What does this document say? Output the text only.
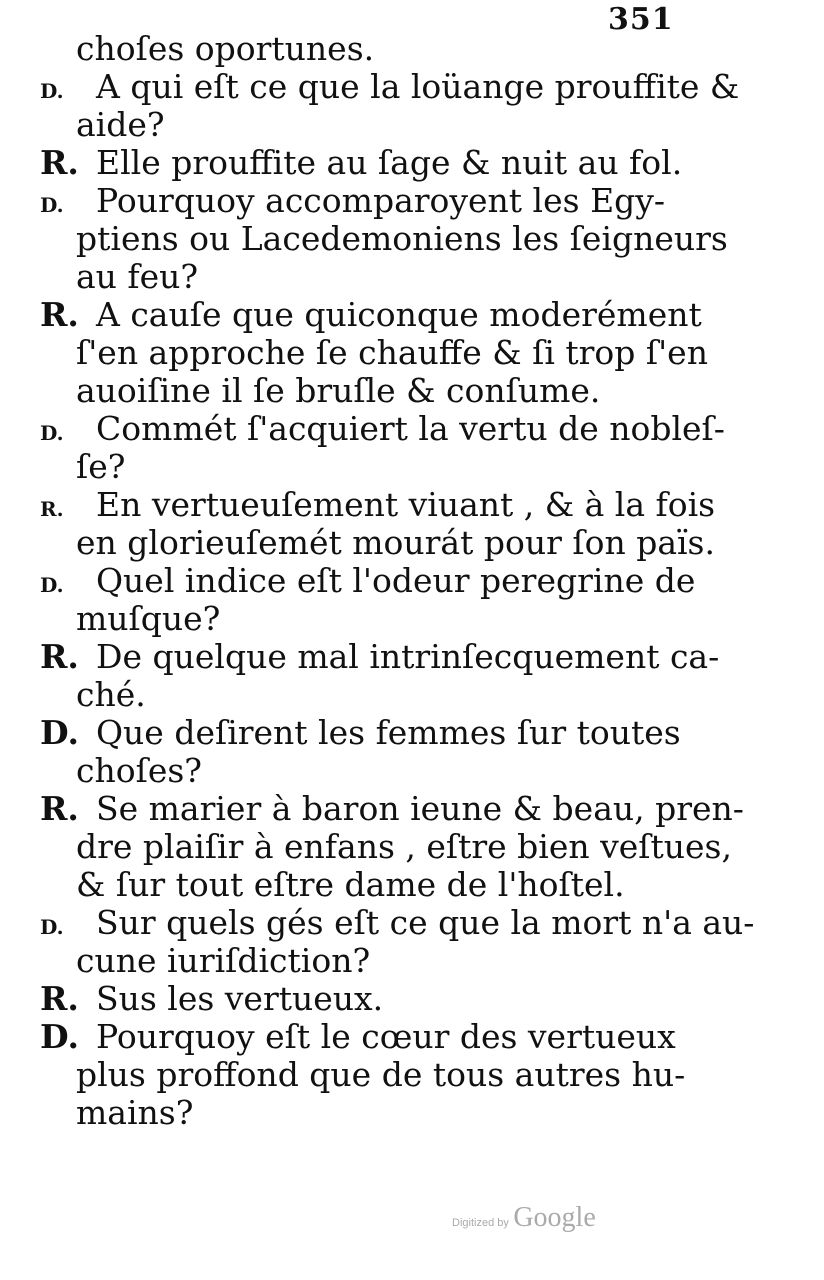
351
choſes oportunes.
D. A qui eſt ce que la loüange prouffite &
aide?
R. Elle prouffite au ſage & nuit au fol.
D. Pourquoy accomparoyent les Egy-
ptiens ou Lacedemoniens les ſeigneurs
au feu?
R. A cauſe que quiconque moderément
ſ'en approche ſe chauffe & ſi trop ſ'en
auoiſine il ſe bruſle & conſume.
D. Commét ſ'acquiert la vertu de nobleſ-
ſe?
R. En vertueuſement viuant , & à la fois
en glorieuſemét mourát pour ſon païs.
D. Quel indice eſt l'odeur peregrine de
muſque?
R. De quelque mal intrinſecquement ca-
ché.
D. Que deſirent les femmes ſur toutes
choſes?
R. Se marier à baron ieune & beau, pren-
dre plaiſir à enfans , eſtre bien veſtues,
& ſur tout eſtre dame de l'hoſtel.
D. Sur quels gés eſt ce que la mort n'a au-
cune iuriſdiction?
R. Sus les vertueux.
D. Pourquoy eſt le cœur des vertueux
plus proffond que de tous autres hu-
mains?
Digitized by Google
